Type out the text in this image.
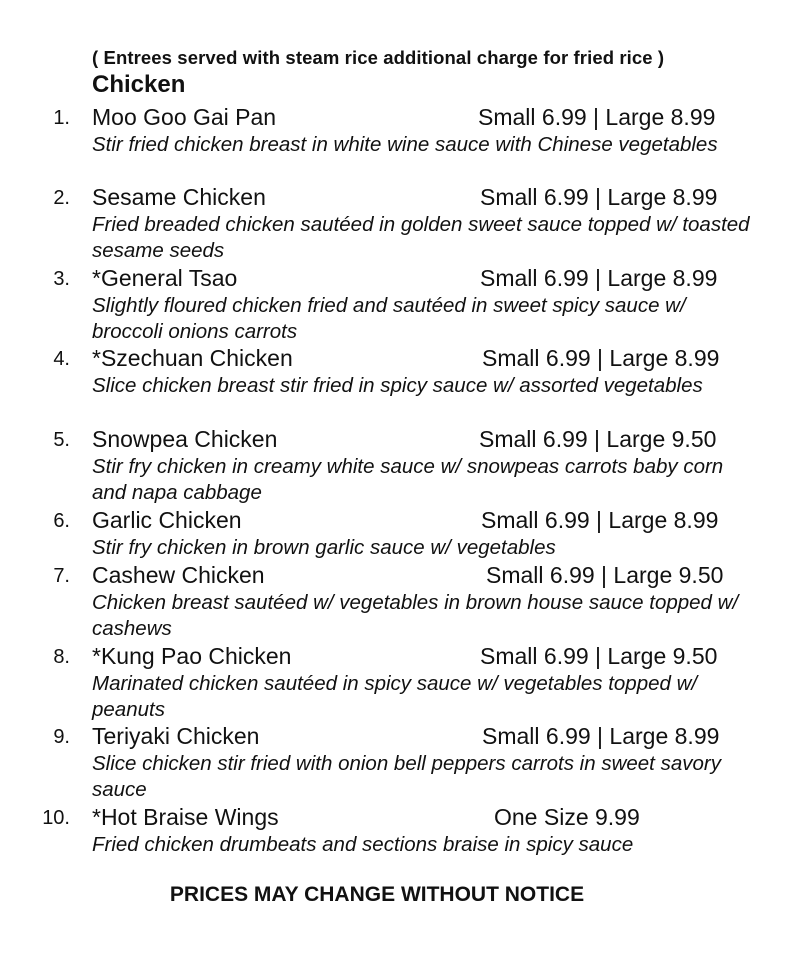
( Entrees served with steam rice additional charge for fried rice )
Chicken
1. Moo Goo Gai Pan	Small 6.99 | Large 8.99
Stir fried chicken breast in white wine sauce with Chinese vegetables
2. Sesame Chicken	Small 6.99 | Large 8.99
Fried breaded chicken sautéed in golden sweet sauce topped w/ toasted sesame seeds
3. *General Tsao	Small 6.99 | Large 8.99
Slightly floured chicken fried and sautéed in sweet spicy sauce w/ broccoli onions carrots
4. *Szechuan Chicken	Small 6.99 | Large 8.99
Slice chicken breast stir fried in spicy sauce w/ assorted vegetables
5. Snowpea Chicken	Small 6.99 | Large 9.50
Stir fry chicken in creamy white sauce w/ snowpeas carrots baby corn and napa cabbage
6. Garlic Chicken	Small 6.99 | Large 8.99
Stir fry chicken in brown garlic sauce w/ vegetables
7. Cashew Chicken	Small 6.99 | Large 9.50
Chicken breast sautéed w/ vegetables in brown house sauce topped w/ cashews
8. *Kung Pao Chicken	Small 6.99 | Large 9.50
Marinated chicken sautéed in spicy sauce w/ vegetables topped w/ peanuts
9. Teriyaki Chicken	Small 6.99 | Large 8.99
Slice chicken stir fried with onion bell peppers carrots in sweet savory sauce
10. *Hot Braise Wings	One Size 9.99
Fried chicken drumbeats and sections braise in spicy sauce
PRICES MAY CHANGE WITHOUT NOTICE
